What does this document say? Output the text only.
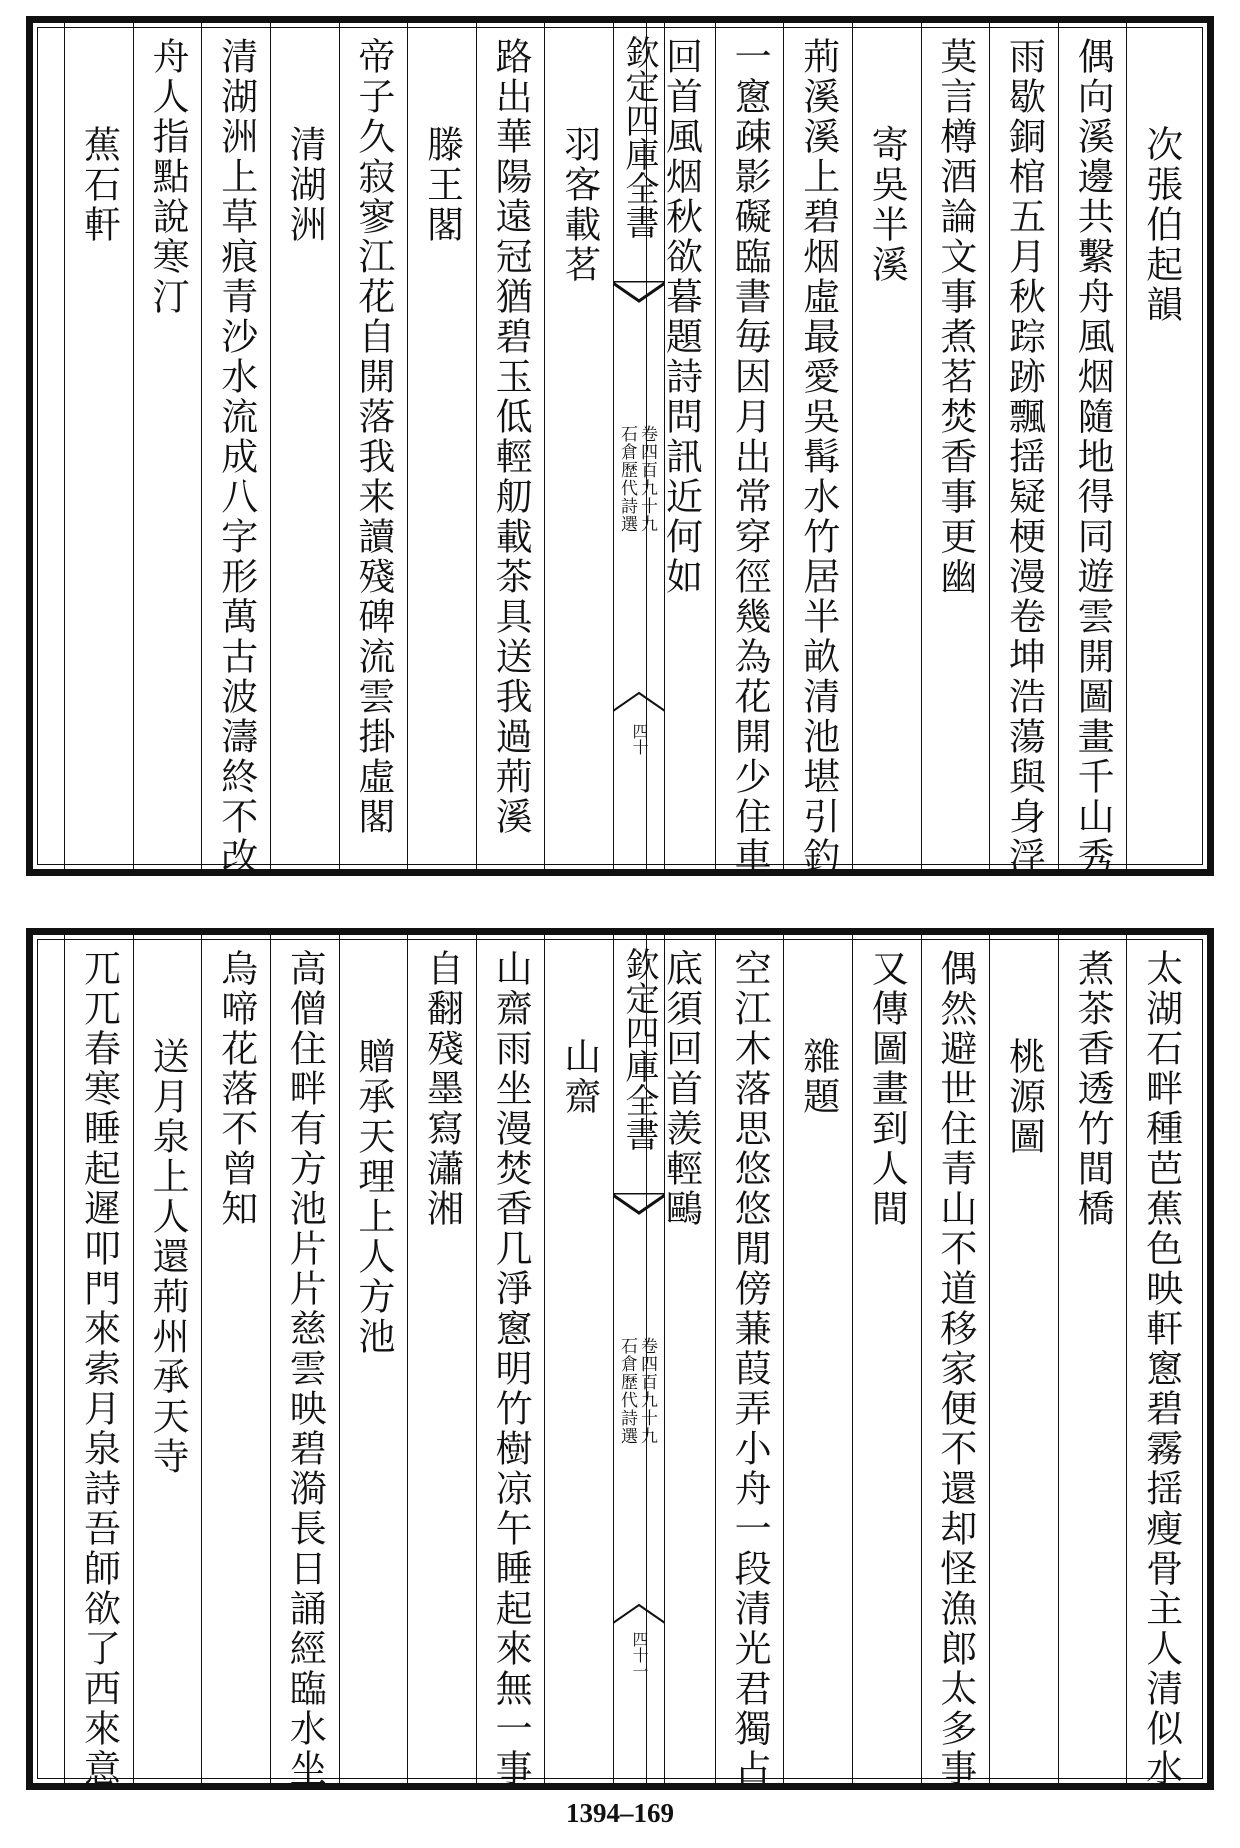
次張伯起韻
偶向溪邊共繫舟風烟隨地得同遊雲開圖畫千山秀
雨歇銅棺五月秋踪跡飄揺疑梗漫卷坤浩蕩與身浮
莫言樽酒論文事煮茗焚香事更幽
寄吳半溪
荊溪溪上碧烟虛最愛吳髯水竹居半畝清池堪引釣
一窻疎影礙臨書毎因月出常穿徑幾為花開少住車
回首風烟秋欲暮題詩問訊近何如
羽客載茗
路出華陽遠冠猶碧玉低輕舠載茶具送我過荊溪
滕王閣
帝子久寂寥江花自開落我来讀殘碑流雲掛虛閣
清湖洲
清湖洲上草痕青沙水流成八字形萬古波濤終不改
舟人指點說寒汀
蕉石軒	欽定四庫全書
石倉歷代詩選 卷四百九十九
四十
太湖石畔種芭蕉色映軒窻碧霧揺瘦骨主人清似水
煮茶香透竹間橋
桃源圖
偶然避世住青山不道移家便不還却怪漁郎太多事
又傳圖畫到人間
雜題
空江木落思悠悠閒傍蒹葭弄小舟一段清光君獨占
底須回首羨輕鷗
山齋
山齋雨坐漫焚香几淨窻明竹樹凉午睡起來無一事
自翻殘墨寫瀟湘
贈承天理上人方池
高僧住畔有方池片片慈雲映碧漪長日誦經臨水坐
烏啼花落不曾知
送月泉上人還荊州承天寺
兀兀春寒睡起遲叩門來索月泉詩吾師欲了西來意	欽定四庫全書
石倉歷代詩選 卷四百九十九
四十一
1394–169
